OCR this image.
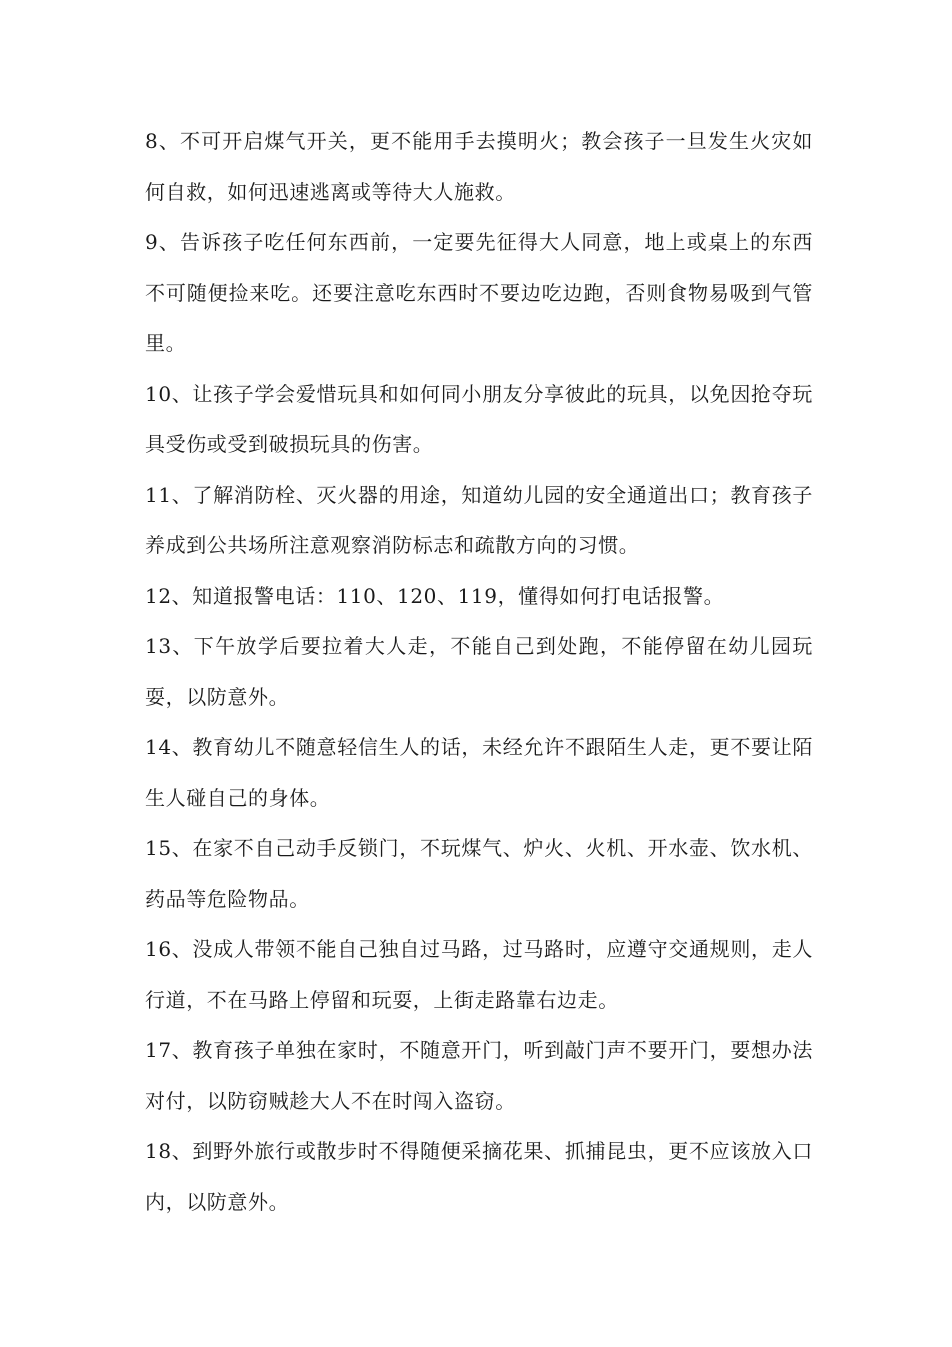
8、不可开启煤气开关，更不能用手去摸明火；教会孩子一旦发生火灾如何自救，如何迅速逃离或等待大人施救。

9、告诉孩子吃任何东西前，一定要先征得大人同意，地上或桌上的东西不可随便捡来吃。还要注意吃东西时不要边吃边跑，否则食物易吸到气管里。

10、让孩子学会爱惜玩具和如何同小朋友分享彼此的玩具，以免因抢夺玩具受伤或受到破损玩具的伤害。

11、了解消防栓、灭火器的用途，知道幼儿园的安全通道出口；教育孩子养成到公共场所注意观察消防标志和疏散方向的习惯。

12、知道报警电话：110、120、119，懂得如何打电话报警。

13、下午放学后要拉着大人走，不能自己到处跑，不能停留在幼儿园玩耍，以防意外。

14、教育幼儿不随意轻信生人的话，未经允许不跟陌生人走，更不要让陌生人碰自己的身体。

15、在家不自己动手反锁门，不玩煤气、炉火、火机、开水壶、饮水机、药品等危险物品。

16、没成人带领不能自己独自过马路，过马路时，应遵守交通规则，走人行道，不在马路上停留和玩耍，上街走路靠右边走。

17、教育孩子单独在家时，不随意开门，听到敲门声不要开门，要想办法对付，以防窃贼趁大人不在时闯入盗窃。

18、到野外旅行或散步时不得随便采摘花果、抓捕昆虫，更不应该放入口内，以防意外。
